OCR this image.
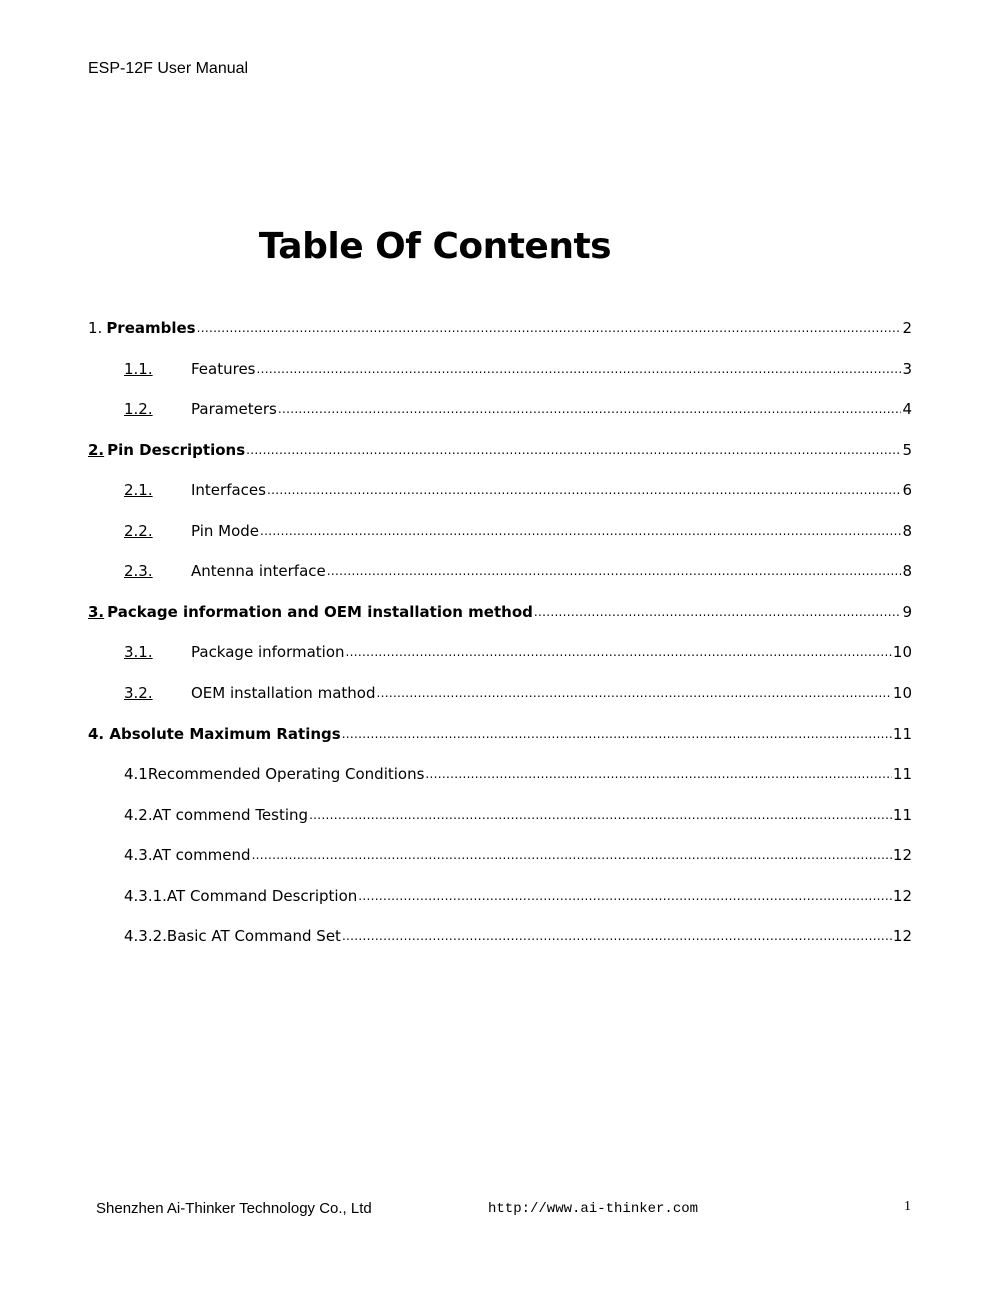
ESP-12F User Manual
Table Of Contents
1. Preambles .....	2
1.1.	Features .....	3
1.2.	Parameters .....	4
2. Pin Descriptions .....	5
2.1.	Interfaces .....	6
2.2.	Pin Mode .....	8
2.3.	Antenna interface .....	8
3. Package information and OEM installation method .....	9
3.1.	Package information .....	10
3.2.	OEM installation mathod .....	10
4. Absolute Maximum Ratings .....	11
4.1Recommended Operating Conditions .....	11
4.2.AT commend Testing .....	11
4.3.AT commend .....	12
4.3.1.AT Command Description .....	12
4.3.2.Basic AT Command Set .....	12
Shenzhen Ai-Thinker Technology Co., Ltd	http://www.ai-thinker.com	1
